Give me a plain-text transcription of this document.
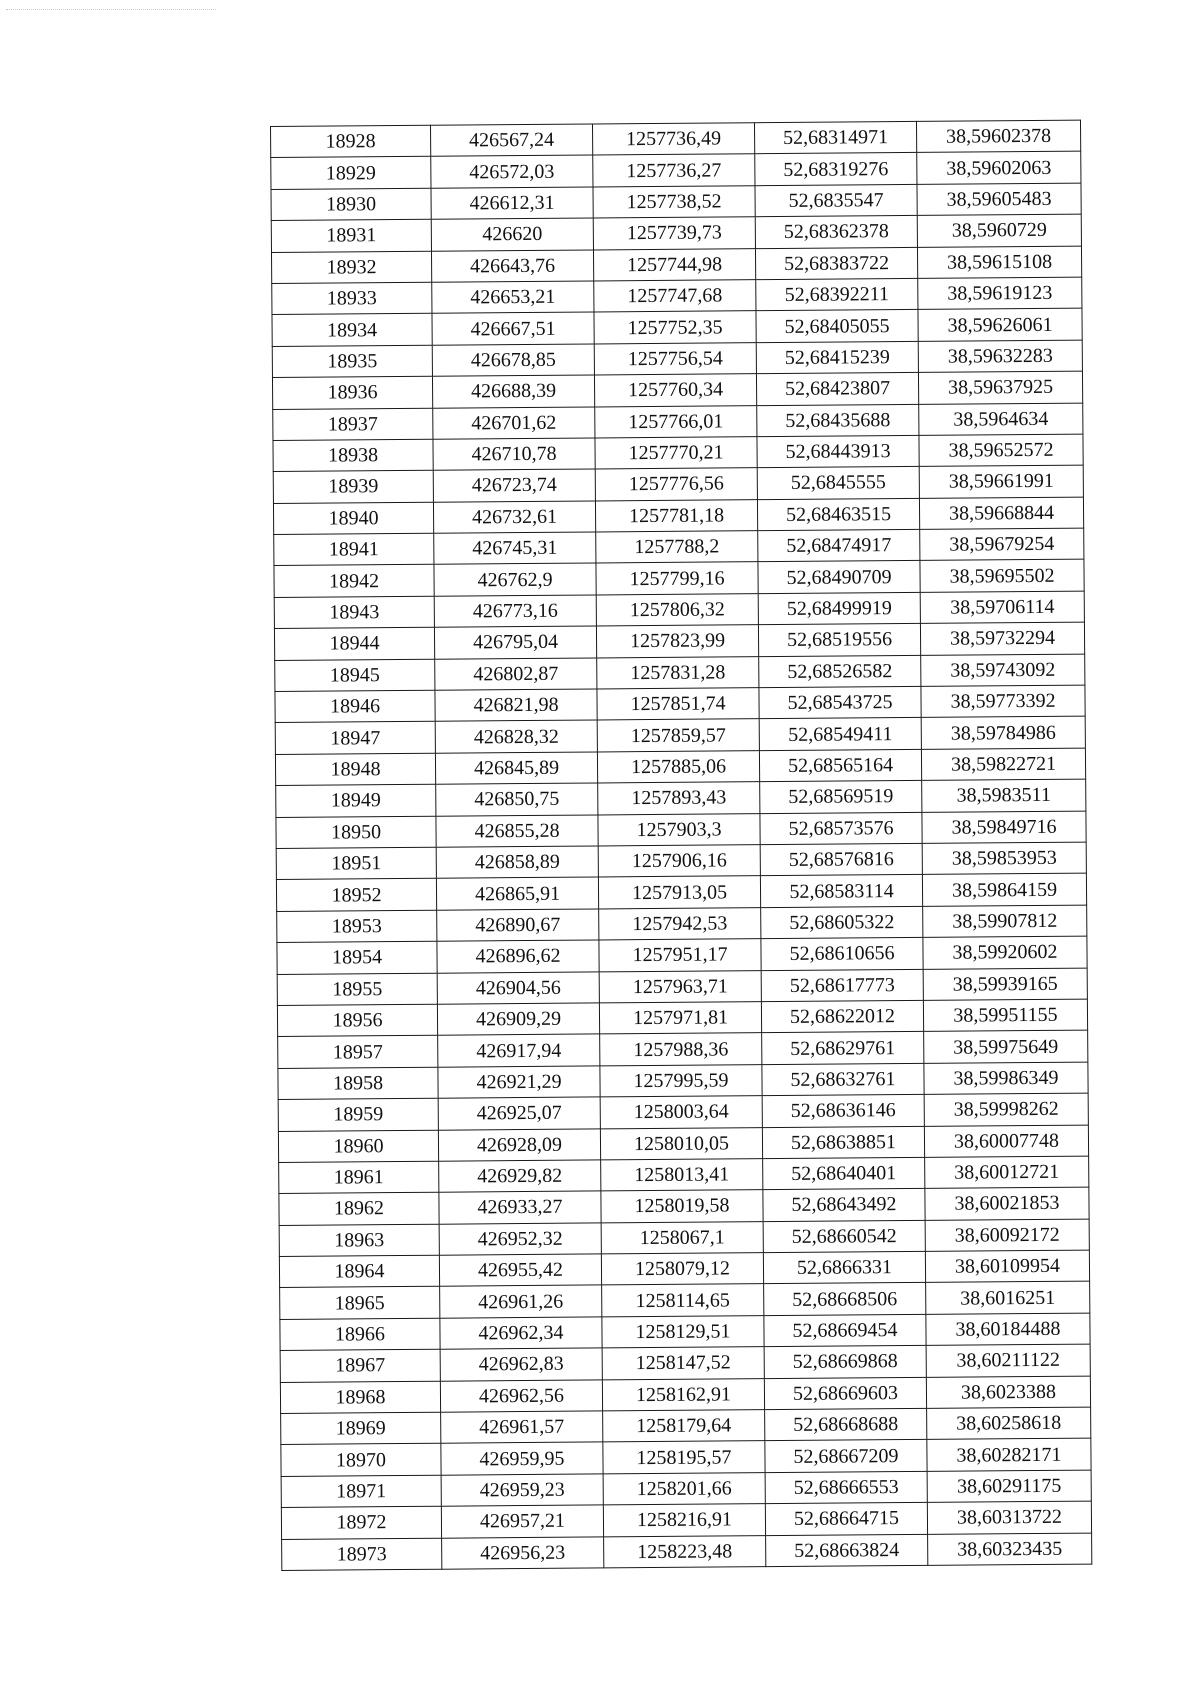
18928	426567,24	1257736,49	52,68314971	38,59602378
18929	426572,03	1257736,27	52,68319276	38,59602063
18930	426612,31	1257738,52	52,6835547	38,59605483
18931	426620	1257739,73	52,68362378	38,5960729
18932	426643,76	1257744,98	52,68383722	38,59615108
18933	426653,21	1257747,68	52,68392211	38,59619123
18934	426667,51	1257752,35	52,68405055	38,59626061
18935	426678,85	1257756,54	52,68415239	38,59632283
18936	426688,39	1257760,34	52,68423807	38,59637925
18937	426701,62	1257766,01	52,68435688	38,5964634
18938	426710,78	1257770,21	52,68443913	38,59652572
18939	426723,74	1257776,56	52,6845555	38,59661991
18940	426732,61	1257781,18	52,68463515	38,59668844
18941	426745,31	1257788,2	52,68474917	38,59679254
18942	426762,9	1257799,16	52,68490709	38,59695502
18943	426773,16	1257806,32	52,68499919	38,59706114
18944	426795,04	1257823,99	52,68519556	38,59732294
18945	426802,87	1257831,28	52,68526582	38,59743092
18946	426821,98	1257851,74	52,68543725	38,59773392
18947	426828,32	1257859,57	52,68549411	38,59784986
18948	426845,89	1257885,06	52,68565164	38,59822721
18949	426850,75	1257893,43	52,68569519	38,5983511
18950	426855,28	1257903,3	52,68573576	38,59849716
18951	426858,89	1257906,16	52,68576816	38,59853953
18952	426865,91	1257913,05	52,68583114	38,59864159
18953	426890,67	1257942,53	52,68605322	38,59907812
18954	426896,62	1257951,17	52,68610656	38,59920602
18955	426904,56	1257963,71	52,68617773	38,59939165
18956	426909,29	1257971,81	52,68622012	38,59951155
18957	426917,94	1257988,36	52,68629761	38,59975649
18958	426921,29	1257995,59	52,68632761	38,59986349
18959	426925,07	1258003,64	52,68636146	38,59998262
18960	426928,09	1258010,05	52,68638851	38,60007748
18961	426929,82	1258013,41	52,68640401	38,60012721
18962	426933,27	1258019,58	52,68643492	38,60021853
18963	426952,32	1258067,1	52,68660542	38,60092172
18964	426955,42	1258079,12	52,6866331	38,60109954
18965	426961,26	1258114,65	52,68668506	38,6016251
18966	426962,34	1258129,51	52,68669454	38,60184488
18967	426962,83	1258147,52	52,68669868	38,60211122
18968	426962,56	1258162,91	52,68669603	38,6023388
18969	426961,57	1258179,64	52,68668688	38,60258618
18970	426959,95	1258195,57	52,68667209	38,60282171
18971	426959,23	1258201,66	52,68666553	38,60291175
18972	426957,21	1258216,91	52,68664715	38,60313722
18973	426956,23	1258223,48	52,68663824	38,60323435
